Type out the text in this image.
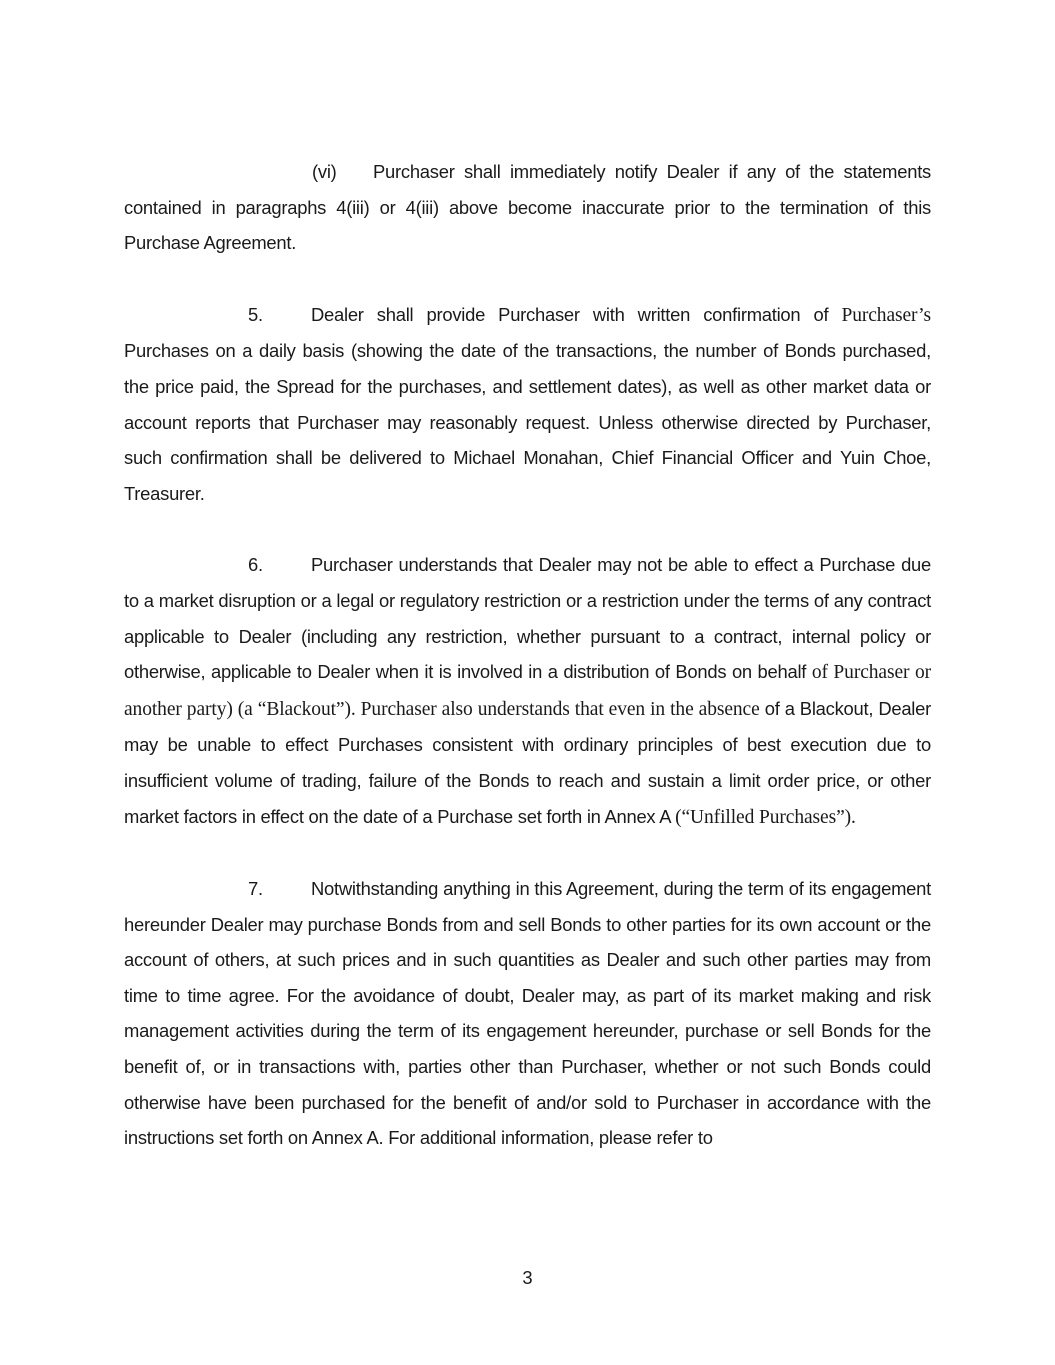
(vi) Purchaser shall immediately notify Dealer if any of the statements contained in paragraphs 4(iii) or 4(iii) above become inaccurate prior to the termination of this Purchase Agreement.

5.	Dealer shall provide Purchaser with written confirmation of Purchaser’s Purchases on a daily basis (showing the date of the transactions, the number of Bonds purchased, the price paid, the Spread for the purchases, and settlement dates), as well as other market data or account reports that Purchaser may reasonably request. Unless otherwise directed by Purchaser, such confirmation shall be delivered to Michael Monahan, Chief Financial Officer and Yuin Choe, Treasurer.

6.	Purchaser understands that Dealer may not be able to effect a Purchase due to a market disruption or a legal or regulatory restriction or a restriction under the terms of any contract applicable to Dealer (including any restriction, whether pursuant to a contract, internal policy or otherwise, applicable to Dealer when it is involved in a distribution of Bonds on behalf of Purchaser or another party) (a “Blackout”). Purchaser also understands that even in the absence of a Blackout, Dealer may be unable to effect Purchases consistent with ordinary principles of best execution due to insufficient volume of trading, failure of the Bonds to reach and sustain a limit order price, or other market factors in effect on the date of a Purchase set forth in Annex A (“Unfilled Purchases”).

7.	Notwithstanding anything in this Agreement, during the term of its engagement hereunder Dealer may purchase Bonds from and sell Bonds to other parties for its own account or the account of others, at such prices and in such quantities as Dealer and such other parties may from time to time agree. For the avoidance of doubt, Dealer may, as part of its market making and risk management activities during the term of its engagement hereunder, purchase or sell Bonds for the benefit of, or in transactions with, parties other than Purchaser, whether or not such Bonds could otherwise have been purchased for the benefit of and/or sold to Purchaser in accordance with the instructions set forth on Annex A. For additional information, please refer to

3
